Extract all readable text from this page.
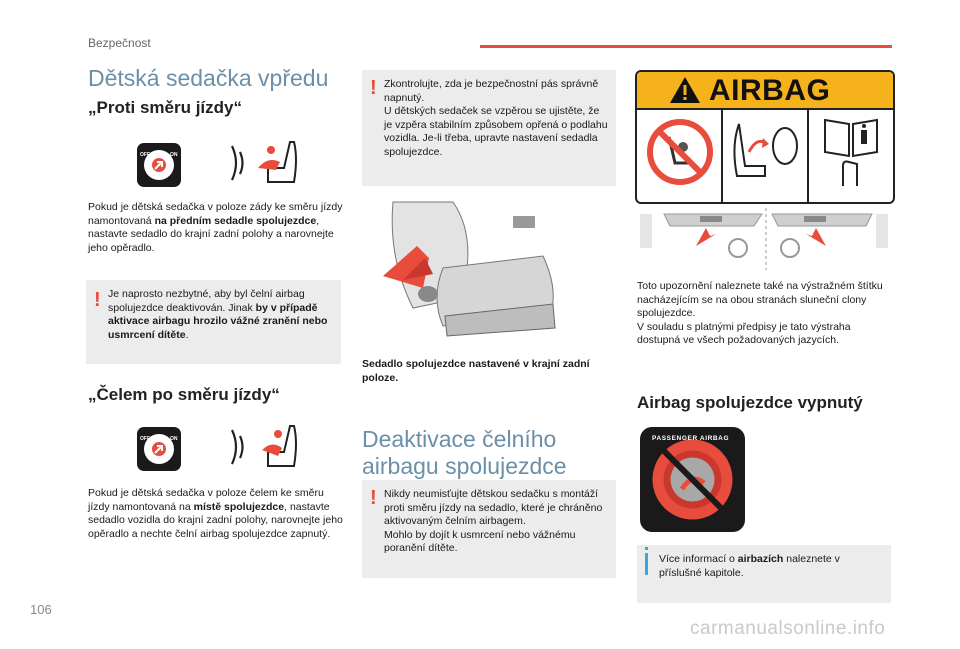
Bezpečnost
Dětská sedačka vpředu
„Proti směru jízdy“
OFF	ON
Pokud je dětská sedačka v poloze zády ke směru jízdy namontovaná na předním sedadle spolujezdce, nastavte sedadlo do krajní zadní polohy a narovnejte jeho opěradlo.
! Je naprosto nezbytné, aby byl čelní airbag spolujezdce deaktivován. Jinak by v případě aktivace airbagu hrozilo vážné zranění nebo usmrcení dítěte.
„Čelem po směru jízdy“
OFF	ON
Pokud je dětská sedačka v poloze čelem ke směru jízdy namontovaná na místě spolujezdce, nastavte sedadlo vozidla do krajní zadní polohy, narovnejte jeho opěradlo a nechte čelní airbag spolujezdce zapnutý.
! Zkontrolujte, zda je bezpečnostní pás správně napnutý.
U dětských sedaček se vzpěrou se ujistěte, že je vzpěra stabilním způsobem opřená o podlahu vozidla. Je-li třeba, upravte nastavení sedadla spolujezdce.
Sedadlo spolujezdce nastavené v krajní zadní poloze.
Deaktivace čelního airbagu spolujezdce
! Nikdy neumisťujte dětskou sedačku s montáží proti směru jízdy na sedadlo, které je chráněno aktivovaným čelním airbagem.
Mohlo by dojít k usmrcení nebo vážnému poranění dítěte.
AIRBAG
Toto upozornění naleznete také na výstražném štítku nacházejícím se na obou stranách sluneční clony spolujezdce.
V souladu s platnými předpisy je tato výstraha dostupná ve všech požadovaných jazycích.
Airbag spolujezdce vypnutý
PASSENGER AIRBAG
Více informací o airbazích naleznete v příslušné kapitole.
106
carmanualsonline.info
